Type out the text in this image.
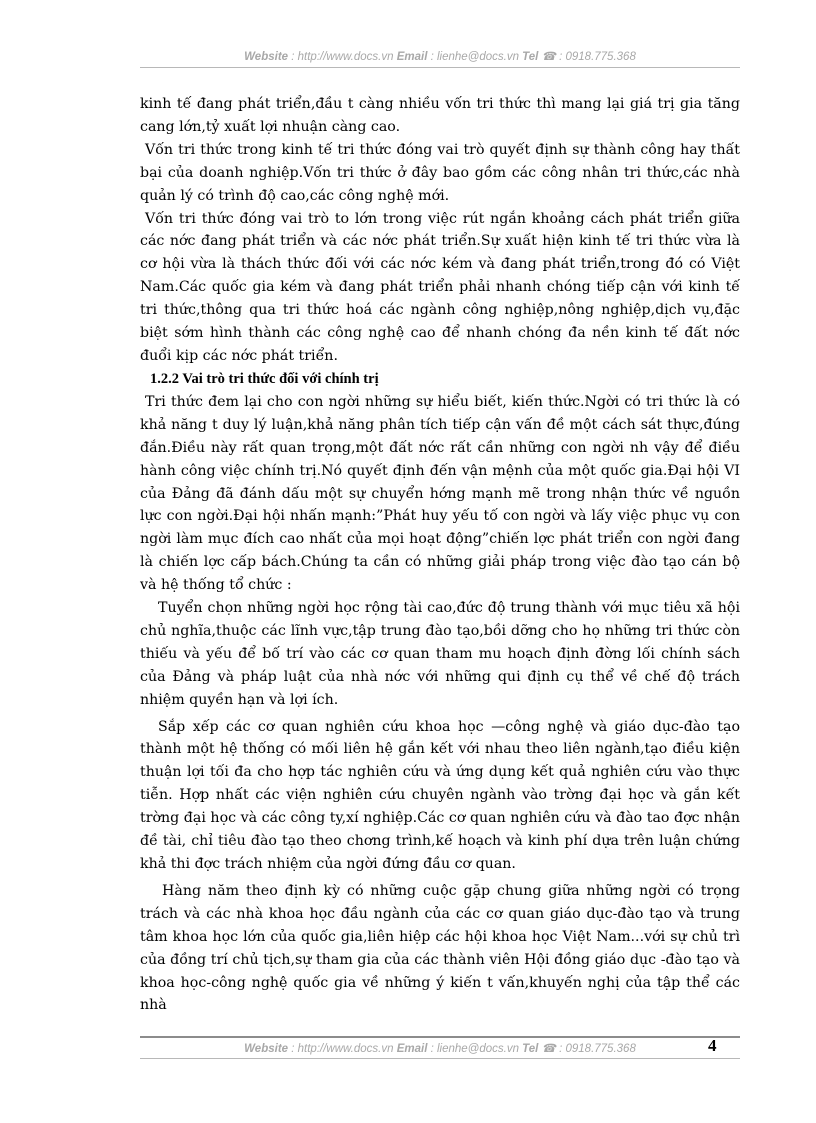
Website : http://www.docs.vn Email : lienhe@docs.vn Tel ☎ : 0918.775.368

kinh tế đang phát triển,đầu t càng nhiều vốn tri thức thì mang lại giá trị gia tăng cang lớn,tỷ xuất lợi nhuận càng cao.

Vốn tri thức trong kinh tế tri thức đóng vai trò quyết định sự thành công hay thất bại của doanh nghiệp.Vốn tri thức ở đây bao gồm các công nhân tri thức,các nhà quản lý có trình độ cao,các công nghệ mới.

Vốn tri thức đóng vai trò to lớn trong việc rút ngắn khoảng cách phát triển giữa các nớc đang phát triển và các nớc phát triển.Sự xuất hiện kinh tế tri thức vừa là cơ hội vừa là thách thức đối với các nớc kém và đang phát triển,trong đó có Việt Nam.Các quốc gia kém và đang phát triển phải nhanh chóng tiếp cận với kinh tế tri thức,thông qua tri thức hoá các ngành công nghiệp,nông nghiệp,dịch vụ,đặc biệt sớm hình thành các công nghệ cao để nhanh chóng đa nền kinh tế đất nớc đuổi kịp các nớc phát triển.

1.2.2 Vai trò tri thức đối với chính trị

Tri thức đem lại cho con ngời những sự hiểu biết, kiến thức.Ngời có tri thức là có khả năng t duy lý luận,khả năng phân tích tiếp cận vấn đề một cách sát thực,đúng đắn.Điều này rất quan trọng,một đất nớc rất cần những con ngời nh vậy để điều hành công việc chính trị.Nó quyết định đến vận mệnh của một quốc gia.Đại hội VI của Đảng đã đánh dấu một sự chuyển hớng mạnh mẽ trong nhận thức về nguồn lực con ngời.Đại hội nhấn mạnh:”Phát huy yếu tố con ngời và lấy việc phục vụ con ngời làm mục đích cao nhất của mọi hoạt động”chiến lợc phát triển con ngời đang là chiến lợc cấp bách.Chúng ta cần có những giải pháp trong việc đào tạo cán bộ và hệ thống tổ chức :

Tuyển chọn những ngời học rộng tài cao,đức độ trung thành với mục tiêu xã hội chủ nghĩa,thuộc các lĩnh vực,tập trung đào tạo,bồi dỡng cho họ những tri thức còn thiếu và yếu để bố trí vào các cơ quan tham mu hoạch định đờng lối chính sách của Đảng và pháp luật của nhà nớc với những qui định cụ thể về chế độ trách nhiệm quyền hạn và lợi ích.

Sắp xếp các cơ quan nghiên cứu khoa học —công nghệ và giáo dục-đào tạo thành một hệ thống có mối liên hệ gắn kết với nhau theo liên ngành,tạo điều kiện thuận lợi tối đa cho hợp tác nghiên cứu và ứng dụng kết quả nghiên cứu vào thực tiễn. Hợp nhất các viện nghiên cứu chuyên ngành vào trờng đại học và gắn kết trờng đại học và các công ty,xí nghiệp.Các cơ quan nghiên cứu và đào tao đợc nhận đề tài, chỉ tiêu đào tạo theo chơng trình,kế hoạch và kinh phí dựa trên luận chứng khả thi đợc trách nhiệm của ngời đứng đầu cơ quan.

Hàng năm theo định kỳ có những cuộc gặp chung giữa những ngời có trọng trách và các nhà khoa học đầu ngành của các cơ quan giáo dục-đào tạo và trung tâm khoa học lớn của quốc gia,liên hiệp các hội khoa học Việt Nam...với sự chủ trì của đồng trí chủ tịch,sự tham gia của các thành viên Hội đồng giáo dục -đào tạo và khoa học-công nghệ quốc gia về những ý kiến t vấn,khuyến nghị của tập thể các nhà

Website : http://www.docs.vn Email : lienhe@docs.vn Tel ☎ : 0918.775.368	4
